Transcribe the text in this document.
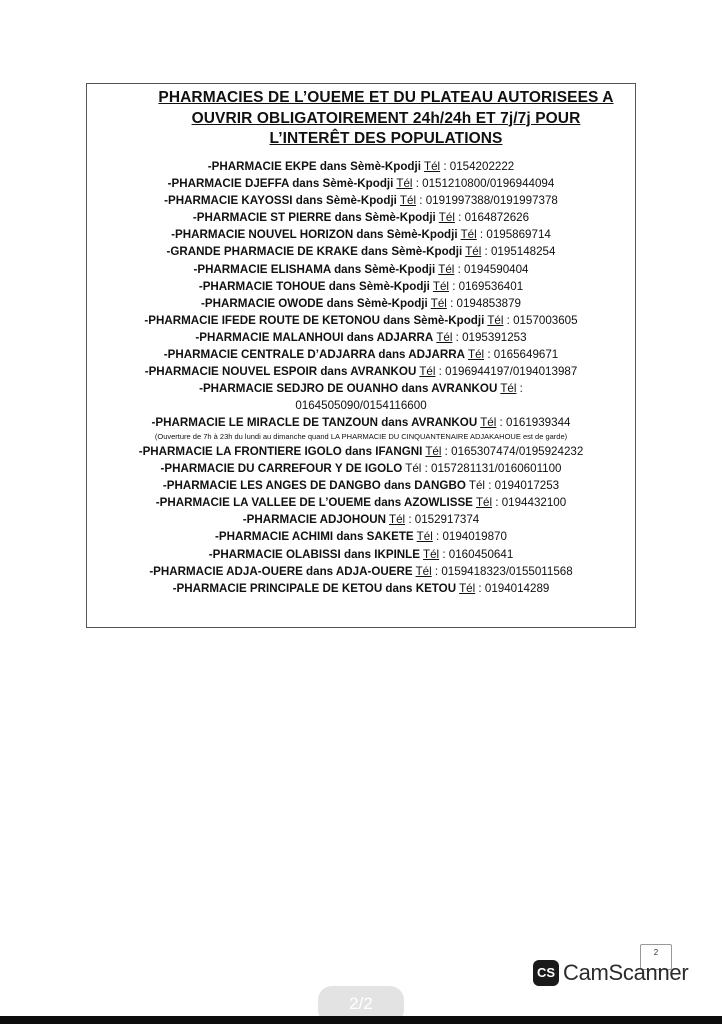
PHARMACIES DE L’OUEME ET DU PLATEAU AUTORISEES A
OUVRIR OBLIGATOIREMENT 24h/24h ET 7j/7j POUR
L’INTERÊT DES POPULATIONS
-PHARMACIE EKPE dans Sèmè-Kpodji Tél : 0154202222
-PHARMACIE DJEFFA dans Sèmè-Kpodji Tél : 0151210800/0196944094
-PHARMACIE KAYOSSI dans Sèmè-Kpodji Tél : 0191997388/0191997378
-PHARMACIE ST PIERRE dans Sèmè-Kpodji Tél : 0164872626
-PHARMACIE NOUVEL HORIZON dans Sèmè-Kpodji Tél : 0195869714
-GRANDE PHARMACIE DE KRAKE dans Sèmè-Kpodji Tél : 0195148254
-PHARMACIE ELISHAMA dans Sèmè-Kpodji Tél : 0194590404
-PHARMACIE TOHOUE dans Sèmè-Kpodji Tél : 0169536401
-PHARMACIE OWODE dans Sèmè-Kpodji Tél : 0194853879
-PHARMACIE IFEDE ROUTE DE KETONOU dans Sèmè-Kpodji Tél : 0157003605
-PHARMACIE MALANHOUI dans ADJARRA Tél : 0195391253
-PHARMACIE CENTRALE D’ADJARRA dans ADJARRA Tél : 0165649671
-PHARMACIE NOUVEL ESPOIR dans AVRANKOU Tél : 0196944197/0194013987
-PHARMACIE SEDJRO DE OUANHO dans AVRANKOU Tél : 0164505090/0154116600
-PHARMACIE LE MIRACLE DE TANZOUN dans AVRANKOU Tél : 0161939344
(Ouverture de 7h à 23h du lundi au dimanche quand LA PHARMACIE DU CINQUANTENAIRE ADJAKAHOUE est de garde)
-PHARMACIE LA FRONTIERE IGOLO dans IFANGNI Tél : 0165307474/0195924232
-PHARMACIE DU CARREFOUR Y DE IGOLO Tél : 0157281131/0160601100
-PHARMACIE LES ANGES DE DANGBO dans DANGBO Tél : 0194017253
-PHARMACIE LA VALLEE DE L’OUEME dans AZOWLISSE Tél : 0194432100
-PHARMACIE ADJOHOUN Tél : 0152917374
-PHARMACIE ACHIMI dans SAKETE Tél : 0194019870
-PHARMACIE OLABISSI dans IKPINLE Tél : 0160450641
-PHARMACIE ADJA-OUERE dans ADJA-OUERE Tél : 0159418323/0155011568
-PHARMACIE PRINCIPALE DE KETOU dans KETOU Tél : 0194014289
2
CS CamScanner
2/2
